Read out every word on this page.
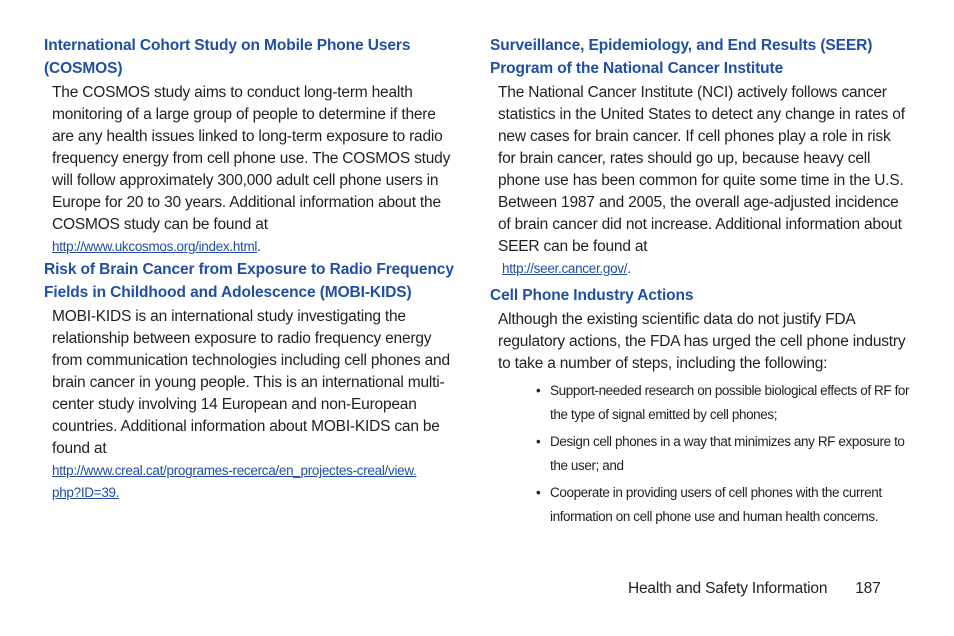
International Cohort Study on Mobile Phone Users (COSMOS)

The COSMOS study aims to conduct long-term health monitoring of a large group of people to determine if there are any health issues linked to long-term exposure to radio frequency energy from cell phone use. The COSMOS study will follow approximately 300,000 adult cell phone users in Europe for 20 to 30 years. Additional information about the COSMOS study can be found at

http://www.ukcosmos.org/index.html.
Risk of Brain Cancer from Exposure to Radio Frequency Fields in Childhood and Adolescence (MOBI-KIDS)

MOBI-KIDS is an international study investigating the relationship between exposure to radio frequency energy from communication technologies including cell phones and brain cancer in young people. This is an international multi-center study involving 14 European and non-European countries. Additional information about MOBI-KIDS can be found at

http://www.creal.cat/programes-recerca/en_projectes-creal/view.php?ID=39.
Surveillance, Epidemiology, and End Results (SEER) Program of the National Cancer Institute

The National Cancer Institute (NCI) actively follows cancer statistics in the United States to detect any change in rates of new cases for brain cancer. If cell phones play a role in risk for brain cancer, rates should go up, because heavy cell phone use has been common for quite some time in the U.S. Between 1987 and 2005, the overall age-adjusted incidence of brain cancer did not increase. Additional information about SEER can be found at

http://seer.cancer.gov/.
Cell Phone Industry Actions

Although the existing scientific data do not justify FDA regulatory actions, the FDA has urged the cell phone industry to take a number of steps, including the following:

• Support-needed research on possible biological effects of RF for the type of signal emitted by cell phones;
• Design cell phones in a way that minimizes any RF exposure to the user; and
• Cooperate in providing users of cell phones with the current information on cell phone use and human health concerns.
Health and Safety Information 187
